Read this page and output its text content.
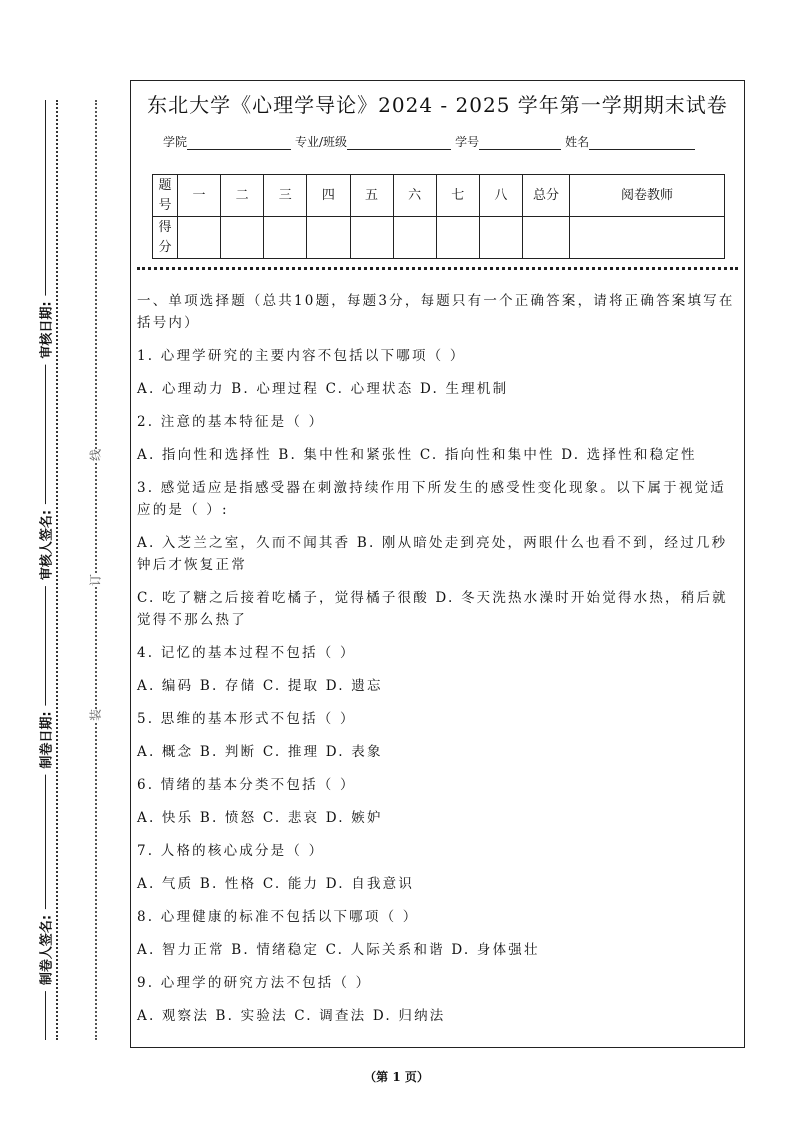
审核日期:
审核人签名:
制卷日期:
制卷人签名:
线
订
装
东北大学《心理学导论》2024 - 2025 学年第一学期期末试卷
学院	专业/班级	学号	姓名
题号	一	二	三	四	五	六	七	八	总分	阅卷教师
得分										

一、单项选择题（总共10题，每题3分，每题只有一个正确答案，请将正确答案填写在括号内）

1. 心理学研究的主要内容不包括以下哪项（ ）

A. 心理动力 B. 心理过程 C. 心理状态 D. 生理机制

2. 注意的基本特征是（ ）

A. 指向性和选择性 B. 集中性和紧张性 C. 指向性和集中性 D. 选择性和稳定性

3. 感觉适应是指感受器在刺激持续作用下所发生的感受性变化现象。以下属于视觉适应的是（ ）:

A. 入芝兰之室，久而不闻其香 B. 刚从暗处走到亮处，两眼什么也看不到，经过几秒钟后才恢复正常

C. 吃了糖之后接着吃橘子，觉得橘子很酸 D. 冬天洗热水澡时开始觉得水热，稍后就觉得不那么热了

4. 记忆的基本过程不包括（ ）

A. 编码 B. 存储 C. 提取 D. 遗忘

5. 思维的基本形式不包括（ ）

A. 概念 B. 判断 C. 推理 D. 表象

6. 情绪的基本分类不包括（ ）

A. 快乐 B. 愤怒 C. 悲哀 D. 嫉妒

7. 人格的核心成分是（ ）

A. 气质 B. 性格 C. 能力 D. 自我意识

8. 心理健康的标准不包括以下哪项（ ）

A. 智力正常 B. 情绪稳定 C. 人际关系和谐 D. 身体强壮

9. 心理学的研究方法不包括（ ）

A. 观察法 B. 实验法 C. 调查法 D. 归纳法

（第 1 页）
